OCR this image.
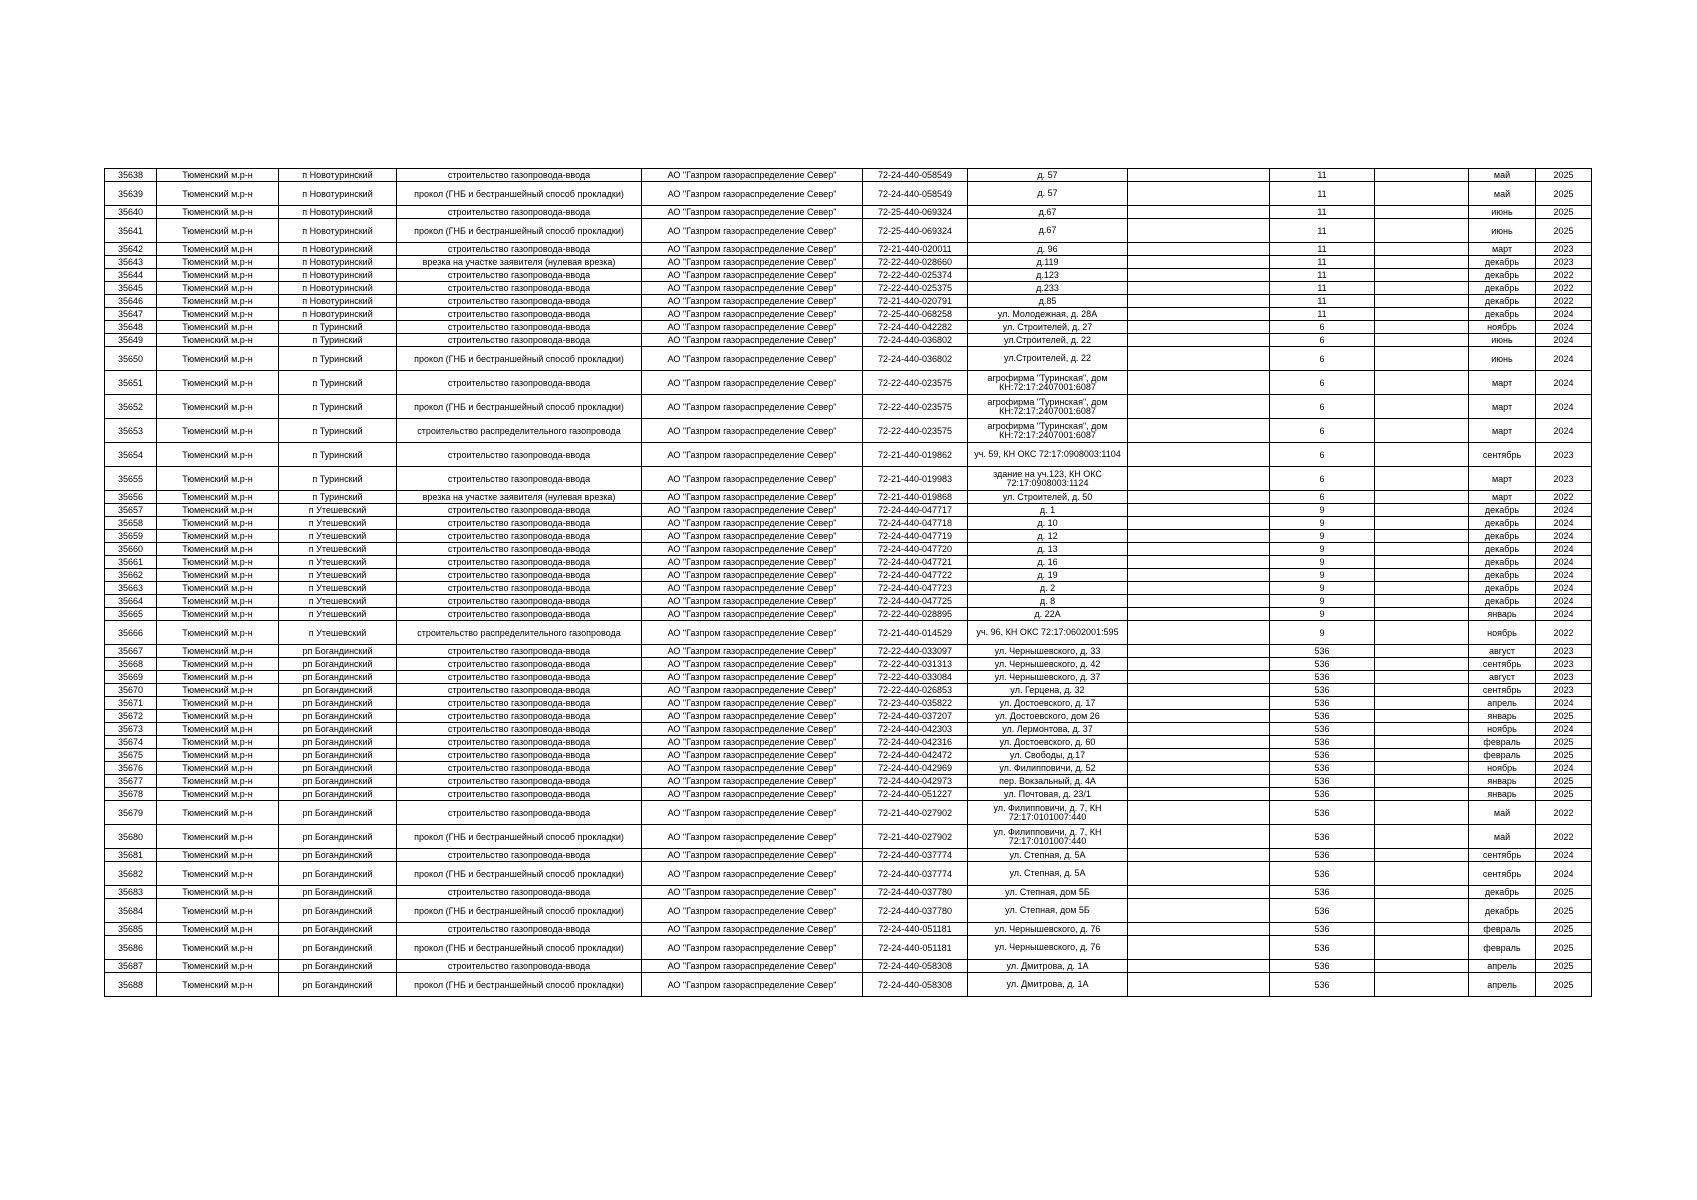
35638	Тюменский м.р-н	п Новотуринский	строительство газопровода-ввода	АО "Газпром газораспределение Север"	72-24-440-058549	д. 57		11		май	2025
35639	Тюменский м.р-н	п Новотуринский	прокол (ГНБ и бестраншейный способ прокладки)	АО "Газпром газораспределение Север"	72-24-440-058549	д. 57		11		май	2025
35640	Тюменский м.р-н	п Новотуринский	строительство газопровода-ввода	АО "Газпром газораспределение Север"	72-25-440-069324	д.67		11		июнь	2025
35641	Тюменский м.р-н	п Новотуринский	прокол (ГНБ и бестраншейный способ прокладки)	АО "Газпром газораспределение Север"	72-25-440-069324	д.67		11		июнь	2025
35642	Тюменский м.р-н	п Новотуринский	строительство газопровода-ввода	АО "Газпром газораспределение Север"	72-21-440-020011	д. 96		11		март	2023
35643	Тюменский м.р-н	п Новотуринский	врезка на участке заявителя (нулевая врезка)	АО "Газпром газораспределение Север"	72-22-440-028660	д.119		11		декабрь	2023
35644	Тюменский м.р-н	п Новотуринский	строительство газопровода-ввода	АО "Газпром газораспределение Север"	72-22-440-025374	д.123		11		декабрь	2022
35645	Тюменский м.р-н	п Новотуринский	строительство газопровода-ввода	АО "Газпром газораспределение Север"	72-22-440-025375	д.233		11		декабрь	2022
35646	Тюменский м.р-н	п Новотуринский	строительство газопровода-ввода	АО "Газпром газораспределение Север"	72-21-440-020791	д.85		11		декабрь	2022
35647	Тюменский м.р-н	п Новотуринский	строительство газопровода-ввода	АО "Газпром газораспределение Север"	72-25-440-068258	ул. Молодежная, д. 28А		11		декабрь	2024
35648	Тюменский м.р-н	п Туринский	строительство газопровода-ввода	АО "Газпром газораспределение Север"	72-24-440-042282	ул. Строителей, д. 27		6		ноябрь	2024
35649	Тюменский м.р-н	п Туринский	строительство газопровода-ввода	АО "Газпром газораспределение Север"	72-24-440-036802	ул.Строителей, д. 22		6		июнь	2024
35650	Тюменский м.р-н	п Туринский	прокол (ГНБ и бестраншейный способ прокладки)	АО "Газпром газораспределение Север"	72-24-440-036802	ул.Строителей, д. 22		6		июнь	2024
35651	Тюменский м.р-н	п Туринский	строительство газопровода-ввода	АО "Газпром газораспределение Север"	72-22-440-023575	агрофирма "Туринская", дом КН:72:17:2407001:6087		6		март	2024
35652	Тюменский м.р-н	п Туринский	прокол (ГНБ и бестраншейный способ прокладки)	АО "Газпром газораспределение Север"	72-22-440-023575	агрофирма "Туринская", дом КН:72:17:2407001:6087		6		март	2024
35653	Тюменский м.р-н	п Туринский	строительство распределительного газопровода	АО "Газпром газораспределение Север"	72-22-440-023575	агрофирма "Туринская", дом КН:72:17:2407001:6087		6		март	2024
35654	Тюменский м.р-н	п Туринский	строительство газопровода-ввода	АО "Газпром газораспределение Север"	72-21-440-019862	уч. 59, КН ОКС 72:17:0908003:1104		6		сентябрь	2023
35655	Тюменский м.р-н	п Туринский	строительство газопровода-ввода	АО "Газпром газораспределение Север"	72-21-440-019983	здание на уч.123, КН ОКС 72:17:0908003:1124		6		март	2023
35656	Тюменский м.р-н	п Туринский	врезка на участке заявителя (нулевая врезка)	АО "Газпром газораспределение Север"	72-21-440-019868	ул. Строителей, д. 50		6		март	2022
35657	Тюменский м.р-н	п Утешевский	строительство газопровода-ввода	АО "Газпром газораспределение Север"	72-24-440-047717	д. 1		9		декабрь	2024
35658	Тюменский м.р-н	п Утешевский	строительство газопровода-ввода	АО "Газпром газораспределение Север"	72-24-440-047718	д. 10		9		декабрь	2024
35659	Тюменский м.р-н	п Утешевский	строительство газопровода-ввода	АО "Газпром газораспределение Север"	72-24-440-047719	д. 12		9		декабрь	2024
35660	Тюменский м.р-н	п Утешевский	строительство газопровода-ввода	АО "Газпром газораспределение Север"	72-24-440-047720	д. 13		9		декабрь	2024
35661	Тюменский м.р-н	п Утешевский	строительство газопровода-ввода	АО "Газпром газораспределение Север"	72-24-440-047721	д. 16		9		декабрь	2024
35662	Тюменский м.р-н	п Утешевский	строительство газопровода-ввода	АО "Газпром газораспределение Север"	72-24-440-047722	д. 19		9		декабрь	2024
35663	Тюменский м.р-н	п Утешевский	строительство газопровода-ввода	АО "Газпром газораспределение Север"	72-24-440-047723	д. 2		9		декабрь	2024
35664	Тюменский м.р-н	п Утешевский	строительство газопровода-ввода	АО "Газпром газораспределение Север"	72-24-440-047725	д. 8		9		декабрь	2024
35665	Тюменский м.р-н	п Утешевский	строительство газопровода-ввода	АО "Газпром газораспределение Север"	72-22-440-028895	д. 22А		9		январь	2024
35666	Тюменский м.р-н	п Утешевский	строительство распределительного газопровода	АО "Газпром газораспределение Север"	72-21-440-014529	уч. 96, КН ОКС 72:17:0602001:595		9		ноябрь	2022
35667	Тюменский м.р-н	рп Богандинский	строительство газопровода-ввода	АО "Газпром газораспределение Север"	72-22-440-033097	ул. Чернышевского, д. 33		536		август	2023
35668	Тюменский м.р-н	рп Богандинский	строительство газопровода-ввода	АО "Газпром газораспределение Север"	72-22-440-031313	ул. Чернышевского, д. 42		536		сентябрь	2023
35669	Тюменский м.р-н	рп Богандинский	строительство газопровода-ввода	АО "Газпром газораспределение Север"	72-22-440-033084	ул. Чернышевского, д. 37		536		август	2023
35670	Тюменский м.р-н	рп Богандинский	строительство газопровода-ввода	АО "Газпром газораспределение Север"	72-22-440-026853	ул. Герцена, д. 32		536		сентябрь	2023
35671	Тюменский м.р-н	рп Богандинский	строительство газопровода-ввода	АО "Газпром газораспределение Север"	72-23-440-035822	ул. Достоевского, д. 17		536		апрель	2024
35672	Тюменский м.р-н	рп Богандинский	строительство газопровода-ввода	АО "Газпром газораспределение Север"	72-24-440-037207	ул. Достоевского, дом 26		536		январь	2025
35673	Тюменский м.р-н	рп Богандинский	строительство газопровода-ввода	АО "Газпром газораспределение Север"	72-24-440-042303	ул. Лермонтова, д. 37		536		ноябрь	2024
35674	Тюменский м.р-н	рп Богандинский	строительство газопровода-ввода	АО "Газпром газораспределение Север"	72-24-440-042316	ул. Достоевского, д. 60		536		февраль	2025
35675	Тюменский м.р-н	рп Богандинский	строительство газопровода-ввода	АО "Газпром газораспределение Север"	72-24-440-042472	ул. Свободы, д.17		536		февраль	2025
35676	Тюменский м.р-н	рп Богандинский	строительство газопровода-ввода	АО "Газпром газораспределение Север"	72-24-440-042969	ул. Филипповичи, д. 52		536		ноябрь	2024
35677	Тюменский м.р-н	рп Богандинский	строительство газопровода-ввода	АО "Газпром газораспределение Север"	72-24-440-042973	пер. Вокзальный, д. 4А		536		январь	2025
35678	Тюменский м.р-н	рп Богандинский	строительство газопровода-ввода	АО "Газпром газораспределение Север"	72-24-440-051227	ул. Почтовая, д. 23/1		536		январь	2025
35679	Тюменский м.р-н	рп Богандинский	строительство газопровода-ввода	АО "Газпром газораспределение Север"	72-21-440-027902	ул. Филипповичи, д. 7, КН 72:17:0101007:440		536		май	2022
35680	Тюменский м.р-н	рп Богандинский	прокол (ГНБ и бестраншейный способ прокладки)	АО "Газпром газораспределение Север"	72-21-440-027902	ул. Филипповичи, д. 7, КН 72:17:0101007:440		536		май	2022
35681	Тюменский м.р-н	рп Богандинский	строительство газопровода-ввода	АО "Газпром газораспределение Север"	72-24-440-037774	ул. Степная, д. 5А		536		сентябрь	2024
35682	Тюменский м.р-н	рп Богандинский	прокол (ГНБ и бестраншейный способ прокладки)	АО "Газпром газораспределение Север"	72-24-440-037774	ул. Степная, д. 5А		536		сентябрь	2024
35683	Тюменский м.р-н	рп Богандинский	строительство газопровода-ввода	АО "Газпром газораспределение Север"	72-24-440-037780	ул. Степная, дом 5Б		536		декабрь	2025
35684	Тюменский м.р-н	рп Богандинский	прокол (ГНБ и бестраншейный способ прокладки)	АО "Газпром газораспределение Север"	72-24-440-037780	ул. Степная, дом 5Б		536		декабрь	2025
35685	Тюменский м.р-н	рп Богандинский	строительство газопровода-ввода	АО "Газпром газораспределение Север"	72-24-440-051181	ул. Чернышевского, д. 76		536		февраль	2025
35686	Тюменский м.р-н	рп Богандинский	прокол (ГНБ и бестраншейный способ прокладки)	АО "Газпром газораспределение Север"	72-24-440-051181	ул. Чернышевского, д. 76		536		февраль	2025
35687	Тюменский м.р-н	рп Богандинский	строительство газопровода-ввода	АО "Газпром газораспределение Север"	72-24-440-058308	ул. Дмитрова, д. 1А		536		апрель	2025
35688	Тюменский м.р-н	рп Богандинский	прокол (ГНБ и бестраншейный способ прокладки)	АО "Газпром газораспределение Север"	72-24-440-058308	ул. Дмитрова, д. 1А		536		апрель	2025
